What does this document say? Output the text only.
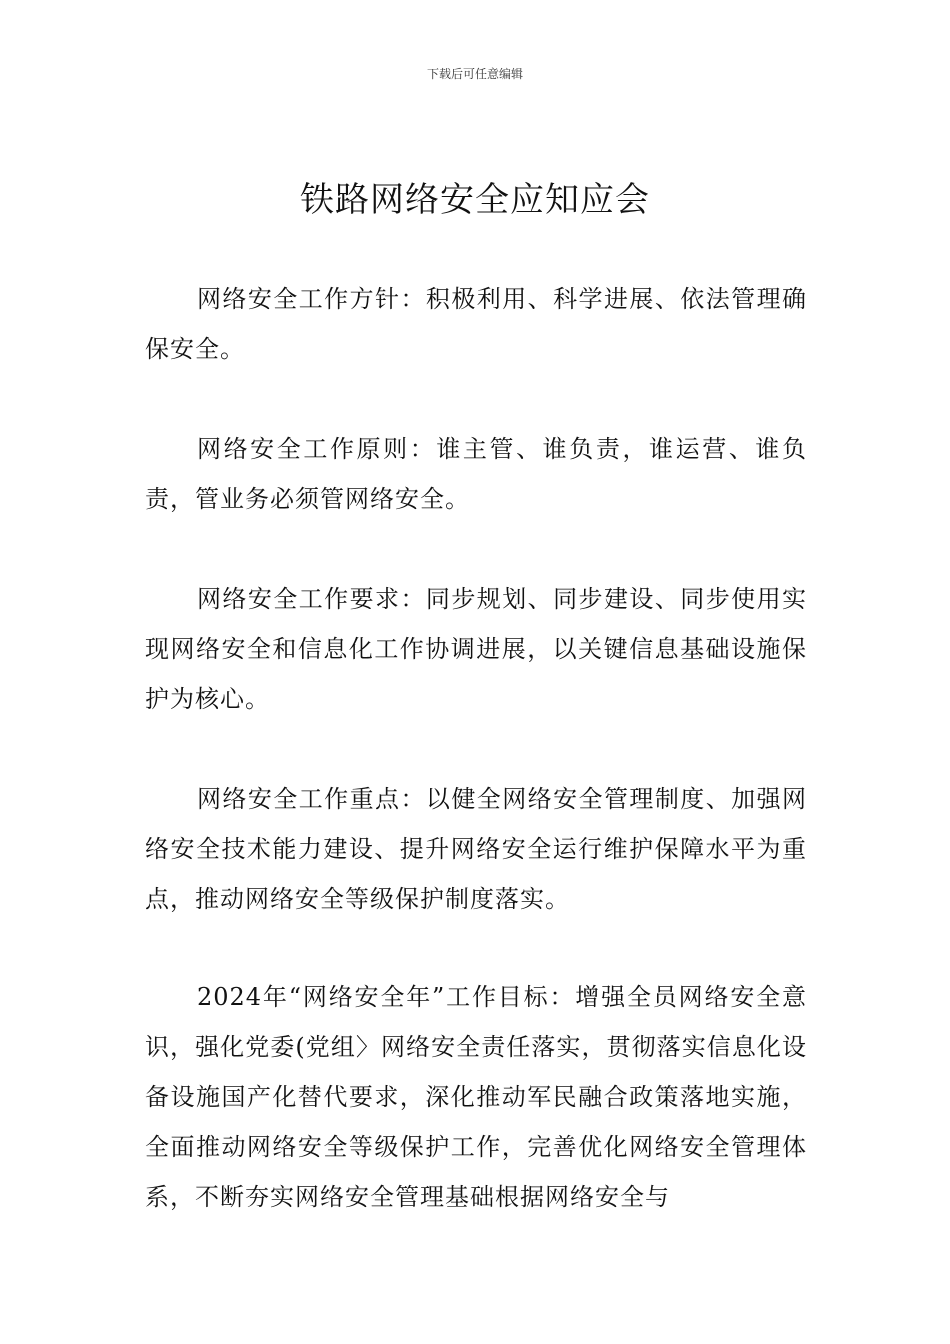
下载后可任意编辑
铁路网络安全应知应会

网络安全工作方针：积极利用、科学进展、依法管理确保安全。

网络安全工作原则：谁主管、谁负责，谁运营、谁负责，管业务必须管网络安全。

网络安全工作要求：同步规划、同步建设、同步使用实现网络安全和信息化工作协调进展，以关键信息基础设施保护为核心。

网络安全工作重点：以健全网络安全管理制度、加强网络安全技术能力建设、提升网络安全运行维护保障水平为重点，推动网络安全等级保护制度落实。

2024年“网络安全年”工作目标：增强全员网络安全意识，强化党委(党组〉网络安全责任落实，贯彻落实信息化设备设施国产化替代要求，深化推动军民融合政策落地实施，全面推动网络安全等级保护工作，完善优化网络安全管理体系，不断夯实网络安全管理基础根据网络安全与
